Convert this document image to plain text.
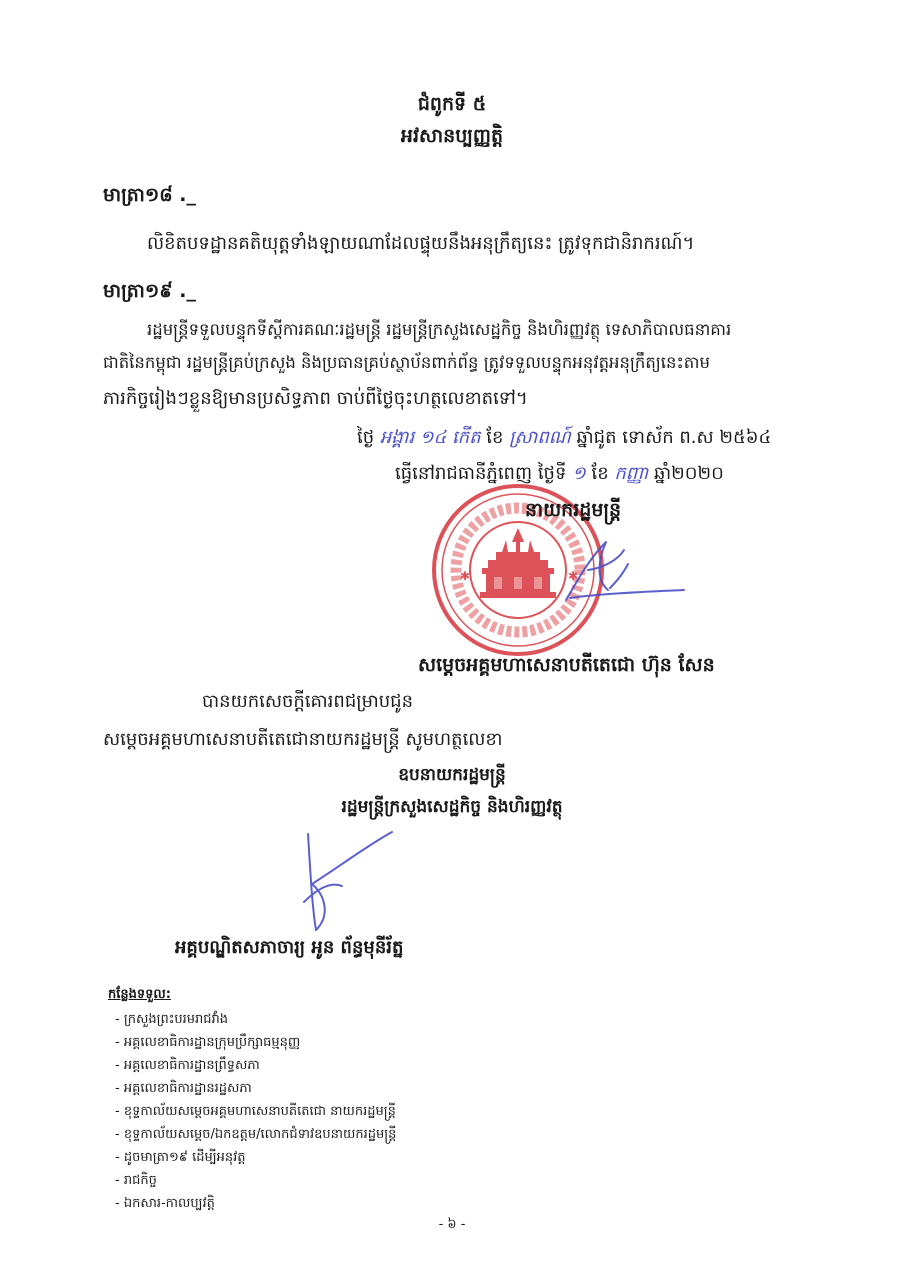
ជំពូកទី ៥
អវសានប្បញ្ញត្តិ
មាត្រា១៨ ._
លិខិតបទដ្ឋានគតិយុត្តទាំងឡាយណាដែលផ្ទុយនឹងអនុក្រឹត្យនេះ ត្រូវទុកជានិរាករណ៍។
មាត្រា១៩ ._
រដ្ឋមន្ត្រីទទួលបន្ទុកទីស្តីការគណៈរដ្ឋមន្ត្រី រដ្ឋមន្ត្រីក្រសួងសេដ្ឋកិច្ច និងហិរញ្ញវត្ថុ ទេសាភិបាលធនាគារ
ជាតិនៃកម្ពុជា រដ្ឋមន្ត្រីគ្រប់ក្រសួង និងប្រធានគ្រប់ស្ថាប័នពាក់ព័ន្ធ ត្រូវទទួលបន្ទុកអនុវត្តអនុក្រឹត្យនេះតាម
ភារកិច្ចរៀងៗខ្លួនឱ្យមានប្រសិទ្ធភាព ចាប់ពីថ្ងៃចុះហត្ថលេខាតទៅ។
ថ្ងៃ អង្គារ ១៤ កើត ខែ ស្រាពណ៍ ឆ្នាំជូត ទោស័ក ព.ស ២៥៦៤
ធ្វើនៅរាជធានីភ្នំពេញ ថ្ងៃទី ១ ខែ កញ្ញា ឆ្នាំ២០២០
✱	✱
នាយករដ្ឋមន្ត្រី
សម្តេចអគ្គមហាសេនាបតីតេជោ ហ៊ុន សែន
បានយកសេចក្តីគោរពជម្រាបជូន
សម្តេចអគ្គមហាសេនាបតីតេជោនាយករដ្ឋមន្ត្រី សូមហត្ថលេខា
ឧបនាយករដ្ឋមន្ត្រី
រដ្ឋមន្ត្រីក្រសួងសេដ្ឋកិច្ច និងហិរញ្ញវត្ថុ
អគ្គបណ្ឌិតសភាចារ្យ អូន ព័ន្ធមុនីរ័ត្ន
កន្លែងទទួល:
- ក្រសួងព្រះបរមរាជវាំង
- អគ្គលេខាធិការដ្ឋានក្រុមប្រឹក្សាធម្មនុញ្ញ
- អគ្គលេខាធិការដ្ឋានព្រឹទ្ធសភា
- អគ្គលេខាធិការដ្ឋានរដ្ឋសភា
- ខុទ្ទកាល័យសម្តេចអគ្គមហាសេនាបតីតេជោ នាយករដ្ឋមន្ត្រី
- ខុទ្ទកាល័យសម្តេច/ឯកឧត្តម/លោកជំទាវឧបនាយករដ្ឋមន្ត្រី
- ដូចមាត្រា១៩ ដើម្បីអនុវត្ត
- រាជកិច្ច
- ឯកសារ-កាលប្បវត្តិ
- ៦ -
